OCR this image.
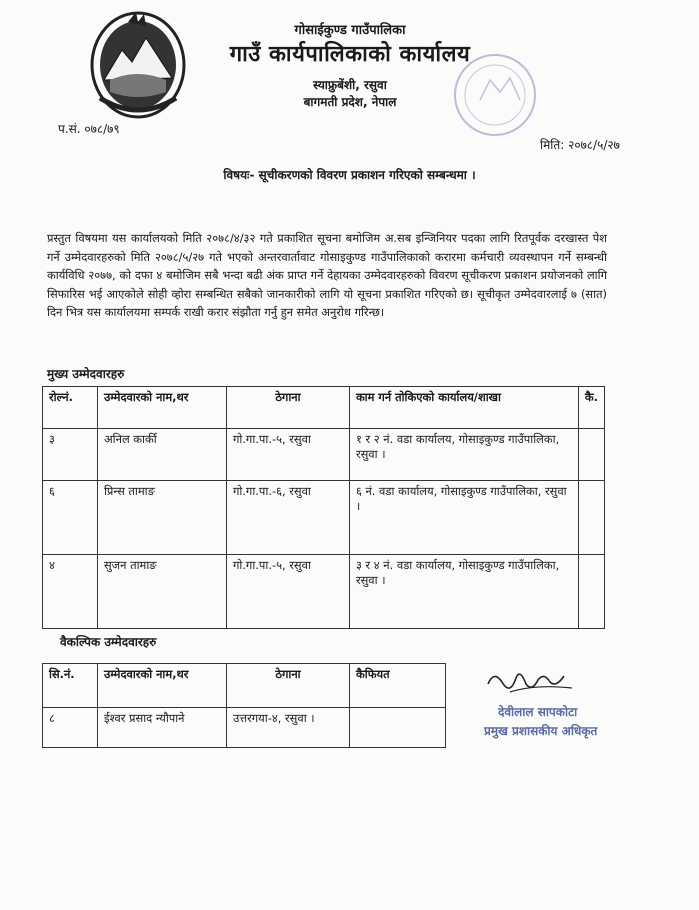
गोसाईकुण्ड गाउँपालिका
गाउँ कार्यपालिकाको कार्यालय
स्याफ्रुबेंशी, रसुवा
बागमती प्रदेश, नेपाल
प.सं. ०७८/७९
मिति: २०७८/५/२७
विषयः- सूचीकरणको विवरण प्रकाशन गरिएको सम्बन्धमा ।
प्रस्तुत विषयमा यस कार्यालयको मिति २०७८/४/३२ गते प्रकाशित सूचना बमोजिम अ.सब इन्जिनियर पदका लागि रितपूर्वक दरखास्त पेश गर्ने उम्मेदवारहरुको मिति २०७८/५/२७ गते भएको अन्तरवार्तावाट गोसाइकुण्ड गाउँपालिकाको करारमा कर्मचारी व्यवस्थापन गर्ने सम्बन्धी कार्यविधि २०७७, को दफा ४ बमोजिम सबै भन्दा बढी अंक प्राप्त गर्ने देहायका उम्मेदवारहरुको विवरण सूचीकरण प्रकाशन प्रयोजनको लागि सिफारिस भई आएकोले सोही व्होरा सम्बन्धित सबैको जानकारीको लागि यो सूचना प्रकाशित गरिएको छ। सूचीकृत उम्मेदवारलाई ७ (सात) दिन भित्र यस कार्यालयमा सम्पर्क राखी करार संझौता गर्नु हुन समेत अनुरोध गरिन्छ।
मुख्य उम्मेदवारहरु
रोल्नं.	उम्मेदवारको नाम,थर	ठेगाना	काम गर्न तोकिएको कार्यालय/शाखा	कै.
३	अनिल कार्की	गो.गा.पा.-५, रसुवा	१ र २ नं. वडा कार्यालय, गोसाइकुण्ड गाउँपालिका, रसुवा ।	
६	प्रिन्स तामाङ	गो.गा.पा.-६, रसुवा	६ नं. वडा कार्यालय, गोसाइकुण्ड गाउँपालिका, रसुवा ।	
४	सुजन तामाङ	गो.गा.पा.-५, रसुवा	३ र ४ नं. वडा कार्यालय, गोसाइकुण्ड गाउँपालिका, रसुवा ।	
वैकल्पिक उम्मेदवारहरु
सि.नं.	उम्मेदवारको नाम,थर	ठेगाना	कैफियत
८	ईश्वर प्रसाद न्यौपाने	उत्तरगया-४, रसुवा ।		देवीलाल सापकोटा
प्रमुख प्रशासकीय अधिकृत
